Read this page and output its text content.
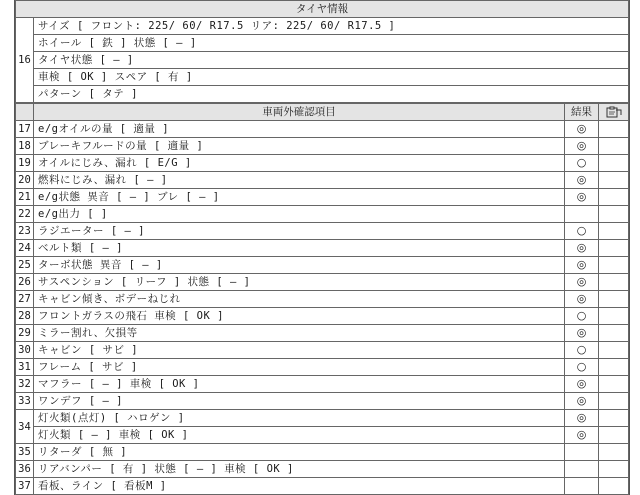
タイヤ情報
16	サイズ [ フロント: 225/ 60/ R17.5 リア: 225/ 60/ R17.5 ]
ホイール [ 鉄 ] 状態 [ — ]
タイヤ状態 [ — ]
車検 [ OK ] スペア [ 有 ]
パターン [ タテ ]
	車両外確認項目	結果	
17	e/gオイルの量 [ 適量 ]	◎	
18	ブレーキフルードの量 [ 適量 ]	◎	
19	オイルにじみ、漏れ [ E/G ]	○	
20	燃料にじみ、漏れ [ — ]	◎	
21	e/g状態 異音 [ — ] ブレ [ — ]	◎	
22	e/g出力 [ ]		
23	ラジエーター [ — ]	○	
24	ベルト類 [ — ]	◎	
25	ターボ状態 異音 [ — ]	◎	
26	サスペンション [ リーフ ] 状態 [ — ]	◎	
27	キャビン傾き、ボデーねじれ	◎	
28	フロントガラスの飛石 車検 [ OK ]	○	
29	ミラー割れ、欠損等	◎	
30	キャビン [ サビ ]	○	
31	フレーム [ サビ ]	○	
32	マフラー [ — ] 車検 [ OK ]	◎	
33	ワンデフ [ — ]	◎	
34	灯火類(点灯) [ ハロゲン ]	◎	
	灯火類 [ — ] 車検 [ OK ]	◎	
35	リターダ [ 無 ]		
36	リアバンパー [ 有 ] 状態 [ — ] 車検 [ OK ]		
37	看板、ライン [ 看板M ]		
